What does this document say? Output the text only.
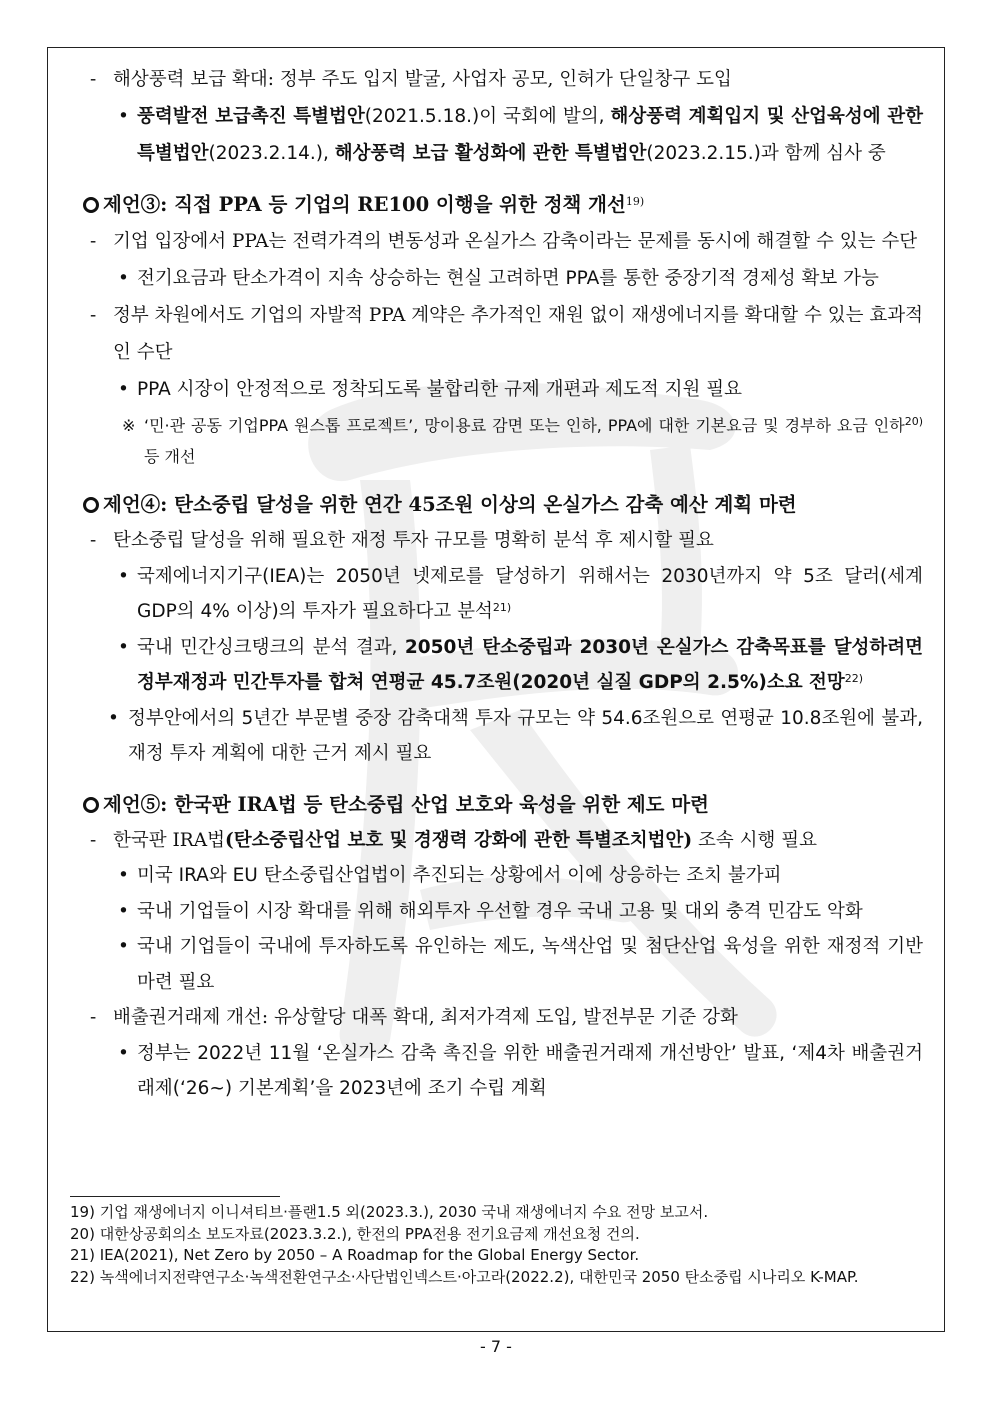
- 해상풍력 보급 확대: 정부 주도 입지 발굴, 사업자 공모, 인허가 단일창구 도입
• 풍력발전 보급촉진 특별법안(2021.5.18.)이 국회에 발의, 해상풍력 계획입지 및 산업육성에 관한 특별법안(2023.2.14.), 해상풍력 보급 활성화에 관한 특별법안(2023.2.15.)과 함께 심사 중
제언③: 직접 PPA 등 기업의 RE100 이행을 위한 정책 개선$^{19)}$
- 기업 입장에서 PPA는 전력가격의 변동성과 온실가스 감축이라는 문제를 동시에 해결할 수 있는 수단
• 전기요금과 탄소가격이 지속 상승하는 현실 고려하면 PPA를 통한 중장기적 경제성 확보 가능
- 정부 차원에서도 기업의 자발적 PPA 계약은 추가적인 재원 없이 재생에너지를 확대할 수 있는 효과적인 수단
• PPA 시장이 안정적으로 정착되도록 불합리한 규제 개편과 제도적 지원 필요
※ ‘민·관 공동 기업PPA 원스톱 프로젝트’, 망이용료 감면 또는 인하, PPA에 대한 기본요금 및 경부하 요금 인하$^{20)}$ 등 개선
제언④: 탄소중립 달성을 위한 연간 45조원 이상의 온실가스 감축 예산 계획 마련
- 탄소중립 달성을 위해 필요한 재정 투자 규모를 명확히 분석 후 제시할 필요
• 국제에너지기구(IEA)는 2050년 넷제로를 달성하기 위해서는 2030년까지 약 5조 달러(세계 GDP의 4% 이상)의 투자가 필요하다고 분석$^{21)}$
• 국내 민간싱크탱크의 분석 결과, 2050년 탄소중립과 2030년 온실가스 감축목표를 달성하려면 정부재정과 민간투자를 합쳐 연평균 45.7조원(2020년 실질 GDP의 2.5%)소요 전망$^{22)}$
• 정부안에서의 5년간 부문별 중장 감축대책 투자 규모는 약 54.6조원으로 연평균 10.8조원에 불과, 재정 투자 계획에 대한 근거 제시 필요
제언⑤: 한국판 IRA법 등 탄소중립 산업 보호와 육성을 위한 제도 마련
- 한국판 IRA법(탄소중립산업 보호 및 경쟁력 강화에 관한 특별조치법안) 조속 시행 필요
• 미국 IRA와 EU 탄소중립산업법이 추진되는 상황에서 이에 상응하는 조치 불가피
• 국내 기업들이 시장 확대를 위해 해외투자 우선할 경우 국내 고용 및 대외 충격 민감도 악화
• 국내 기업들이 국내에 투자하도록 유인하는 제도, 녹색산업 및 첨단산업 육성을 위한 재정적 기반 마련 필요
- 배출권거래제 개선: 유상할당 대폭 확대, 최저가격제 도입, 발전부문 기준 강화
• 정부는 2022년 11월 ‘온실가스 감축 촉진을 위한 배출권거래제 개선방안’ 발표, ‘제4차 배출권거래제(‘26~) 기본계획’을 2023년에 조기 수립 계획
19) 기업 재생에너지 이니셔티브·플랜1.5 외(2023.3.), 2030 국내 재생에너지 수요 전망 보고서.
20) 대한상공회의소 보도자료(2023.3.2.), 한전의 PPA전용 전기요금제 개선요청 건의.
21) IEA(2021), Net Zero by 2050 – A Roadmap for the Global Energy Sector.
22) 녹색에너지전략연구소·녹색전환연구소·사단법인넥스트·아고라(2022.2), 대한민국 2050 탄소중립 시나리오 K-MAP.
- 7 -
